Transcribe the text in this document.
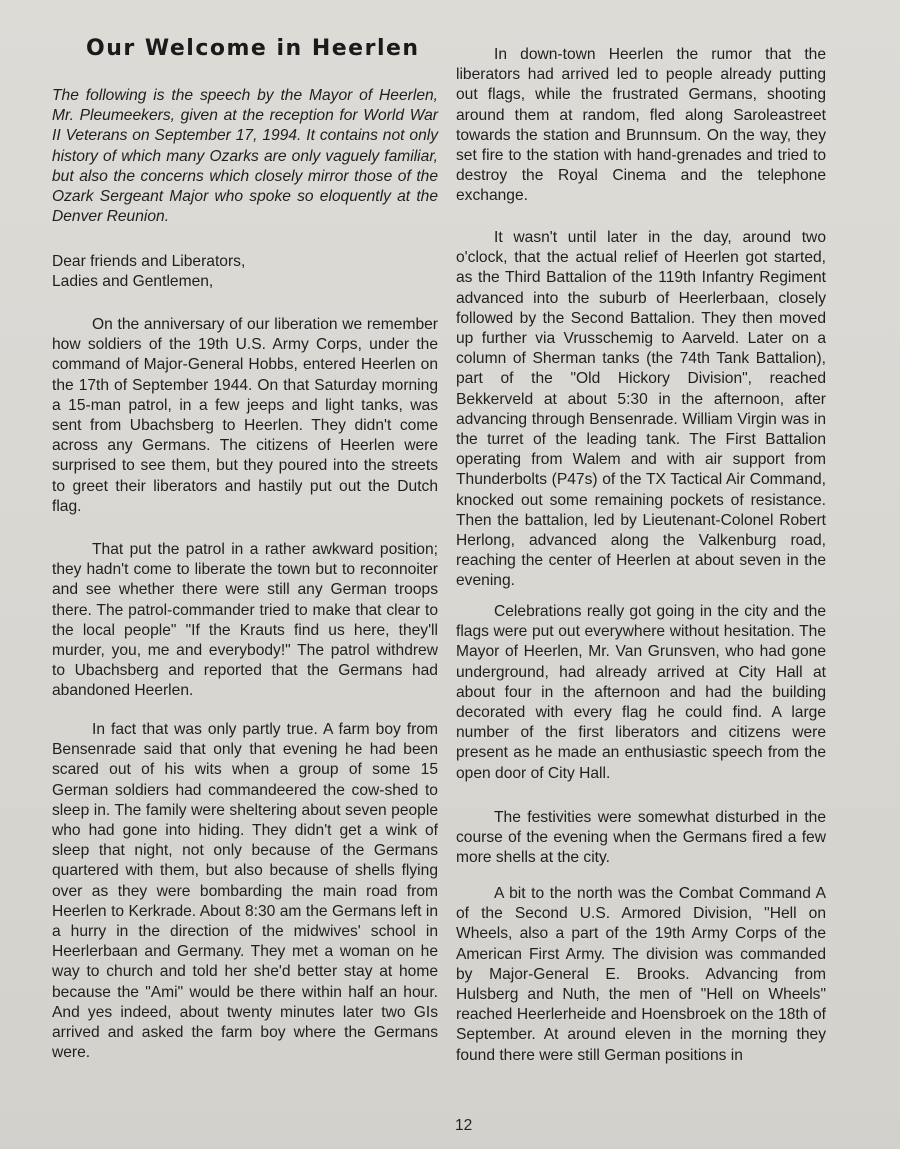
Our Welcome in Heerlen

The following is the speech by the Mayor of Heerlen, Mr. Pleumeekers, given at the reception for World War II Veterans on September 17, 1994. It contains not only history of which many Ozarks are only vaguely familiar, but also the concerns which closely mirror those of the Ozark Sergeant Major who spoke so eloquently at the Denver Reunion.

Dear friends and Liberators,

Ladies and Gentlemen,

On the anniversary of our liberation we remember how soldiers of the 19th U.S. Army Corps, under the command of Major-General Hobbs, entered Heerlen on the 17th of September 1944. On that Saturday morning a 15-man patrol, in a few jeeps and light tanks, was sent from Ubachsberg to Heerlen. They didn't come across any Germans. The citizens of Heerlen were surprised to see them, but they poured into the streets to greet their liberators and hastily put out the Dutch flag.

That put the patrol in a rather awkward position; they hadn't come to liberate the town but to reconnoiter and see whether there were still any German troops there. The patrol-commander tried to make that clear to the local people" "If the Krauts find us here, they'll murder, you, me and everybody!" The patrol withdrew to Ubachsberg and reported that the Germans had abandoned Heerlen.

In fact that was only partly true. A farm boy from Bensenrade said that only that evening he had been scared out of his wits when a group of some 15 German soldiers had commandeered the cow-shed to sleep in. The family were sheltering about seven people who had gone into hiding. They didn't get a wink of sleep that night, not only because of the Germans quartered with them, but also because of shells flying over as they were bombarding the main road from Heerlen to Kerkrade. About 8:30 am the Germans left in a hurry in the direction of the midwives' school in Heerlerbaan and Germany. They met a woman on he way to church and told her she'd better stay at home because the "Ami" would be there within half an hour. And yes indeed, about twenty minutes later two GIs arrived and asked the farm boy where the Germans were.

In down-town Heerlen the rumor that the liberators had arrived led to people already putting out flags, while the frustrated Germans, shooting around them at random, fled along Saroleastreet towards the station and Brunnsum. On the way, they set fire to the station with hand-grenades and tried to destroy the Royal Cinema and the telephone exchange.

It wasn't until later in the day, around two o'clock, that the actual relief of Heerlen got started, as the Third Battalion of the 119th Infantry Regiment advanced into the suburb of Heerlerbaan, closely followed by the Second Battalion. They then moved up further via Vrusschemig to Aarveld. Later on a column of Sherman tanks (the 74th Tank Battalion), part of the "Old Hickory Division", reached Bekkerveld at about 5:30 in the afternoon, after advancing through Bensenrade. William Virgin was in the turret of the leading tank. The First Battalion operating from Walem and with air support from Thunderbolts (P47s) of the TX Tactical Air Command, knocked out some remaining pockets of resistance. Then the battalion, led by Lieutenant-Colonel Robert Herlong, advanced along the Valkenburg road, reaching the center of Heerlen at about seven in the evening.

Celebrations really got going in the city and the flags were put out everywhere without hesitation. The Mayor of Heerlen, Mr. Van Grunsven, who had gone underground, had already arrived at City Hall at about four in the afternoon and had the building decorated with every flag he could find. A large number of the first liberators and citizens were present as he made an enthusiastic speech from the open door of City Hall.

The festivities were somewhat disturbed in the course of the evening when the Germans fired a few more shells at the city.

A bit to the north was the Combat Command A of the Second U.S. Armored Division, "Hell on Wheels, also a part of the 19th Army Corps of the American First Army. The division was commanded by Major-General E. Brooks. Advancing from Hulsberg and Nuth, the men of "Hell on Wheels" reached Heerlerheide and Hoensbroek on the 18th of September. At around eleven in the morning they found there were still German positions in

12
